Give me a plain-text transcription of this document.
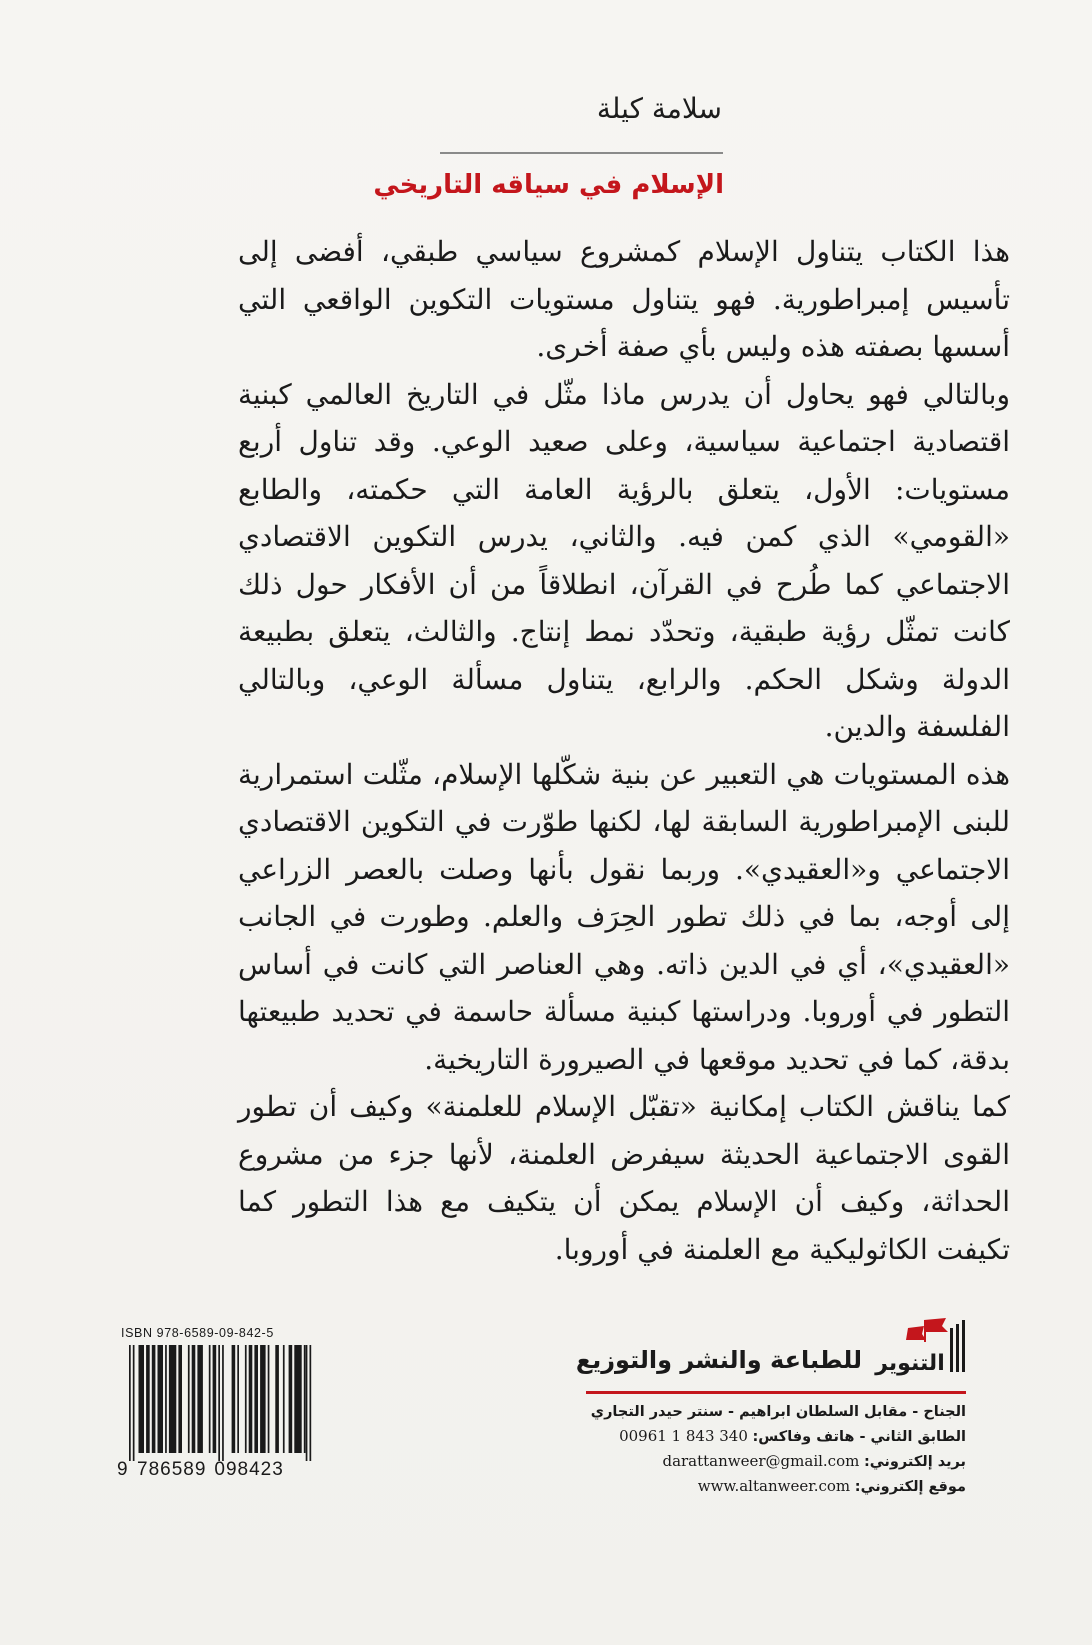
سلامة كيلة
الإسلام في سياقه التاريخي

هذا الكتاب يتناول الإسلام كمشروع سياسي طبقي، أفضى إلى تأسيس إمبراطورية. فهو يتناول مستويات التكوين الواقعي التي أسسها بصفته هذه وليس بأي صفة أخرى.

وبالتالي فهو يحاول أن يدرس ماذا مثّل في التاريخ العالمي كبنية اقتصادية اجتماعية سياسية، وعلى صعيد الوعي. وقد تناول أربع مستويات: الأول، يتعلق بالرؤية العامة التي حكمته، والطابع «القومي» الذي كمن فيه. والثاني، يدرس التكوين الاقتصادي الاجتماعي كما طُرح في القرآن، انطلاقاً من أن الأفكار حول ذلك كانت تمثّل رؤية طبقية، وتحدّد نمط إنتاج. والثالث، يتعلق بطبيعة الدولة وشكل الحكم. والرابع، يتناول مسألة الوعي، وبالتالي الفلسفة والدين.

هذه المستويات هي التعبير عن بنية شكّلها الإسلام، مثّلت استمرارية للبنى الإمبراطورية السابقة لها، لكنها طوّرت في التكوين الاقتصادي الاجتماعي و«العقيدي». وربما نقول بأنها وصلت بالعصر الزراعي إلى أوجه، بما في ذلك تطور الحِرَف والعلم. وطورت في الجانب «العقيدي»، أي في الدين ذاته. وهي العناصر التي كانت في أساس التطور في أوروبا. ودراستها كبنية مسألة حاسمة في تحديد طبيعتها بدقة، كما في تحديد موقعها في الصيرورة التاريخية.

كما يناقش الكتاب إمكانية «تقبّل الإسلام للعلمنة» وكيف أن تطور القوى الاجتماعية الحديثة سيفرض العلمنة، لأنها جزء من مشروع الحداثة، وكيف أن الإسلام يمكن أن يتكيف مع هذا التطور كما تكيفت الكاثوليكية مع العلمنة في أوروبا.

ISBN 978-6589-09-842-5
9 786589 098423
التنوير
للطباعة والنشر والتوزيع
الجناح - مقابل السلطان ابراهيم - سنتر حيدر التجاري
الطابق الثاني - هاتف وفاكس: 00961 1 843 340
بريد إلكتروني: darattanweer@gmail.com
موقع إلكتروني: www.altanweer.com
